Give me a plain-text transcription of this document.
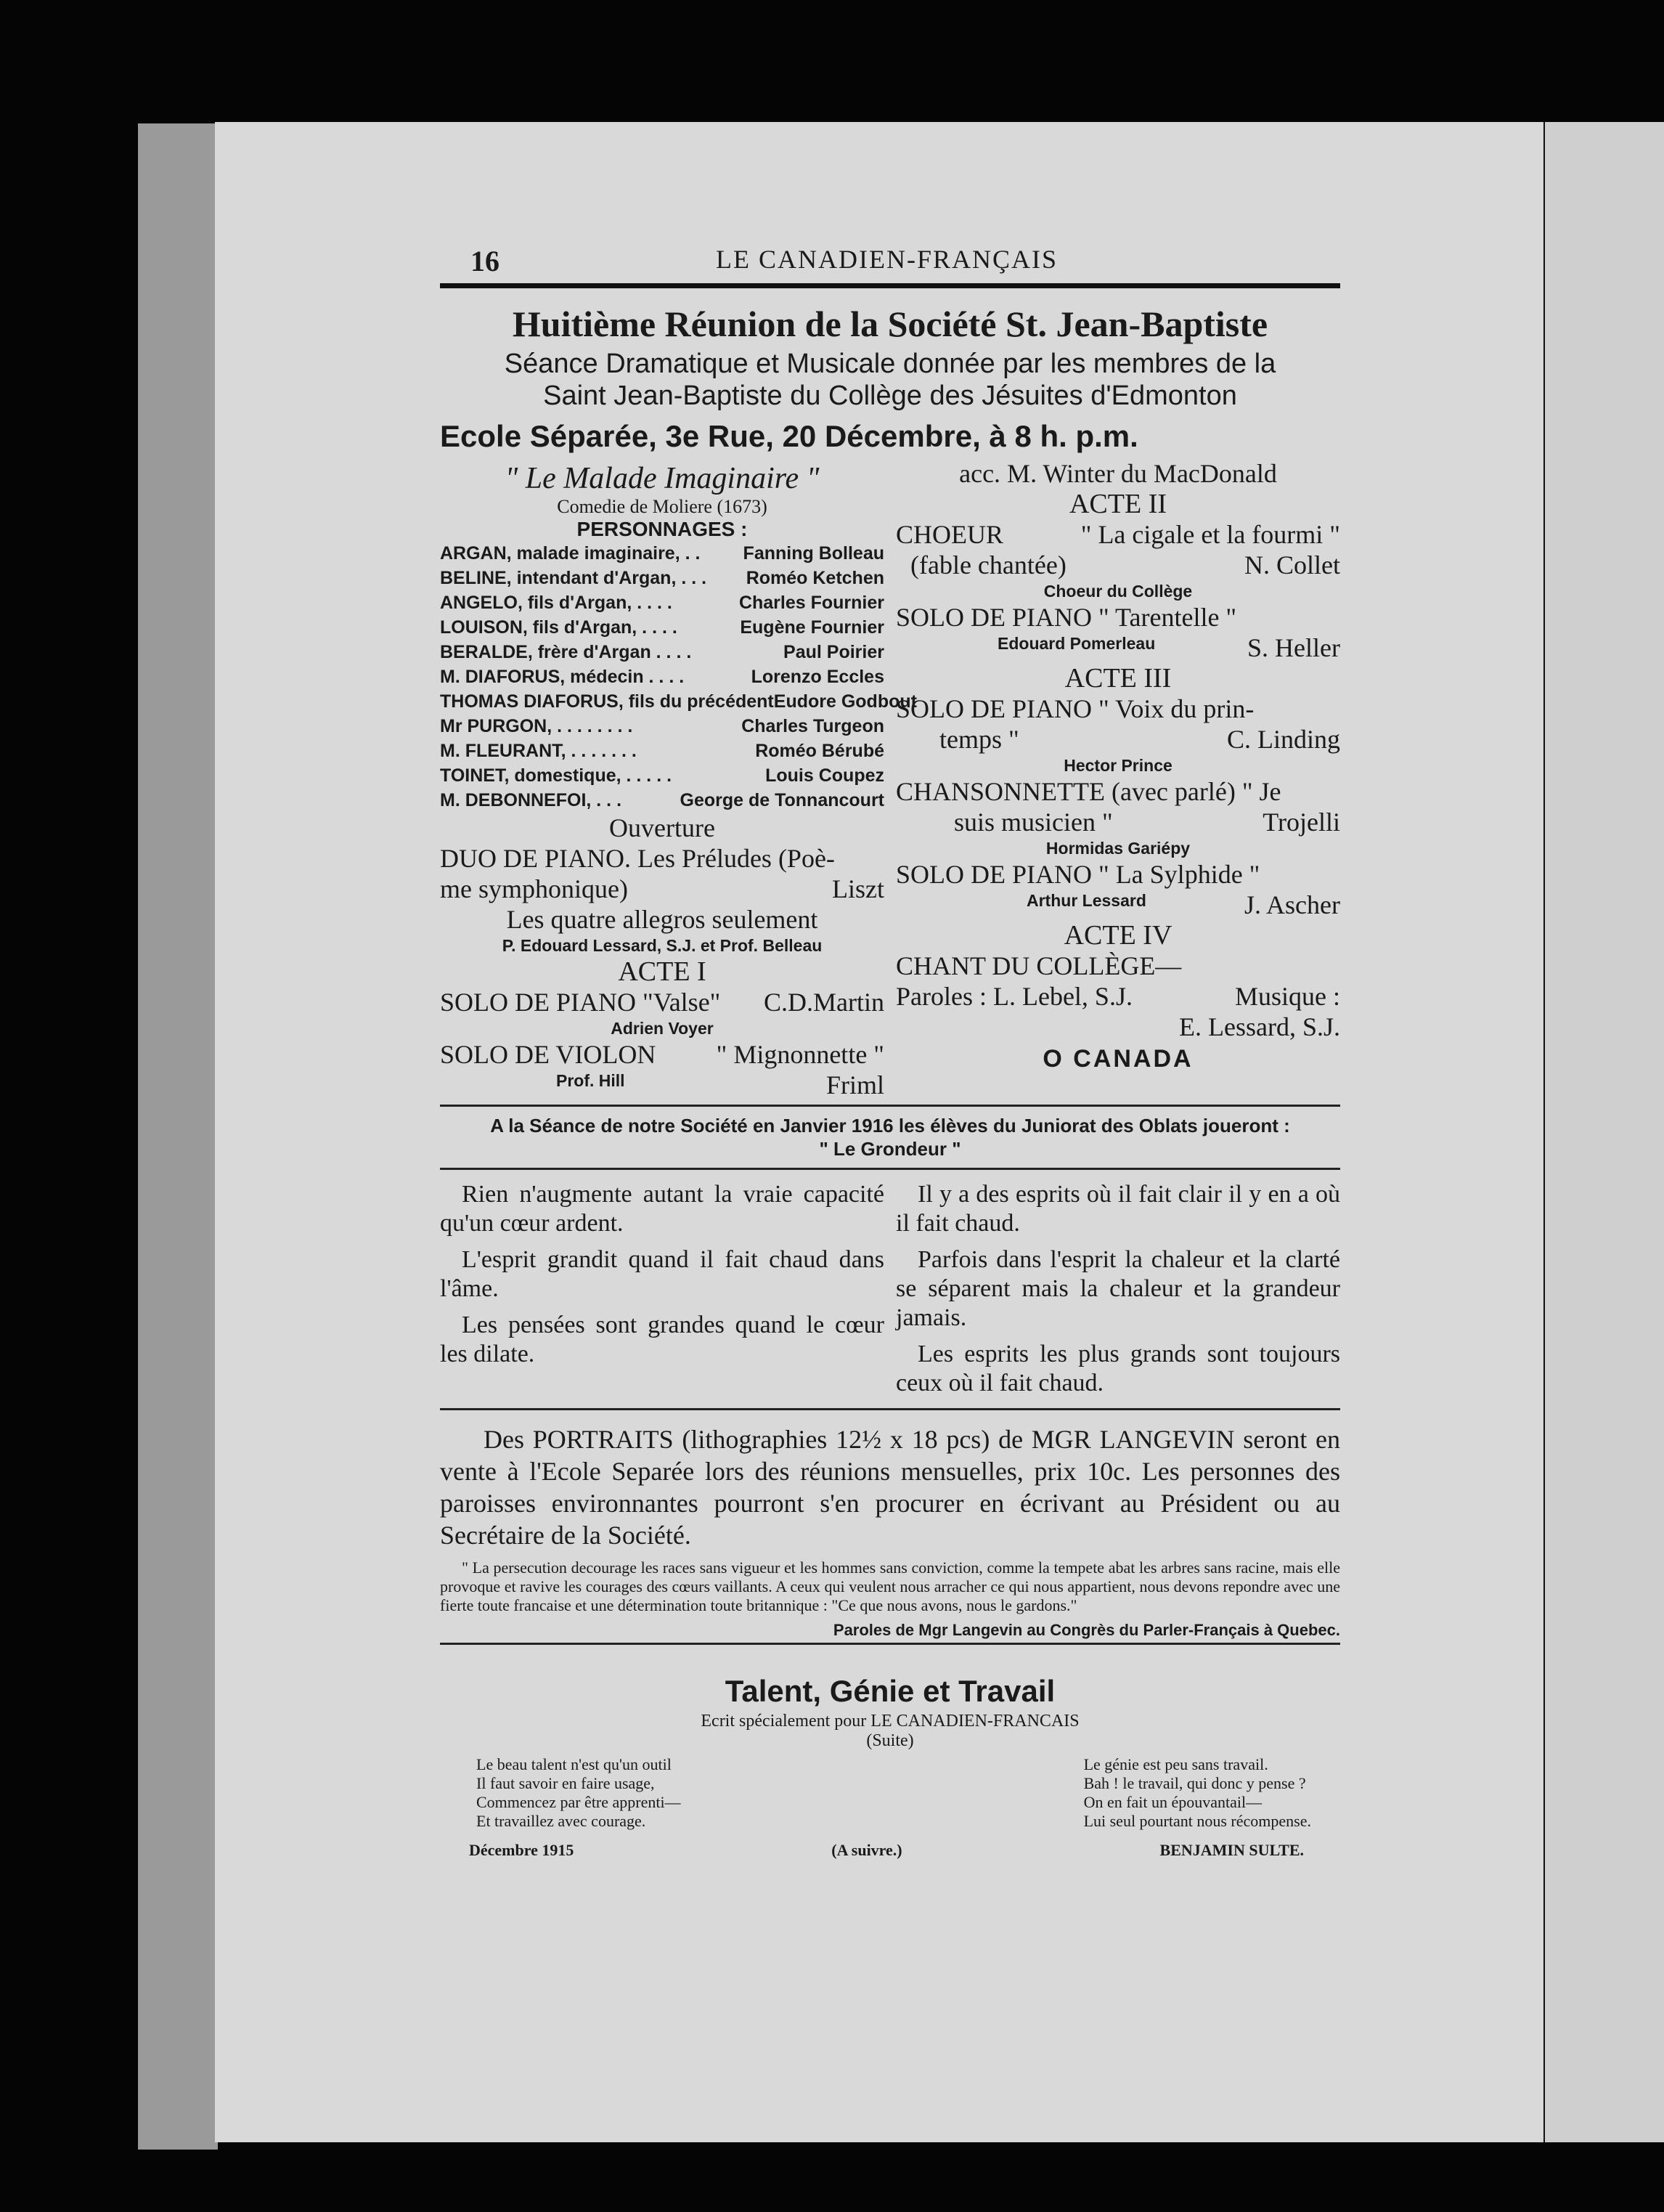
16	LE CANADIEN-FRANÇAIS
Huitième Réunion de la Société St. Jean-Baptiste

Séance Dramatique et Musicale donnée par les membres de la

Saint Jean-Baptiste du Collège des Jésuites d'Edmonton

Ecole Séparée, 3e Rue, 20 Décembre, à 8 h. p.m.

" Le Malade Imaginaire "

Comedie de Moliere (1673)

PERSONNAGES :

ARGAN, malade imaginaire, . . Fanning Bolleau
BELINE, intendant d'Argan, . . . Roméo Ketchen
ANGELO, fils d'Argan, . . . .	Charles Fournier
LOUISON, fils d'Argan, . . . .	Eugène Fournier
BERALDE, frère d'Argan . . . .	Paul Poirier
M. DIAFORUS, médecin . . . .	Lorenzo Eccles
THOMAS DIAFORUS, fils du précédent Eudore Godbout
Mr PURGON, . . . . . . . .	Charles Turgeon
M. FLEURANT, . . . . . . .	Roméo Bérubé
TOINET, domestique, . . . . .	Louis Coupez
M. DEBONNEFOI, . . .	George de Tonnancourt
Ouverture
DUO DE PIANO. Les Préludes (Poè-
me symphonique)	Liszt
Les quatre allegros seulement
P. Edouard Lessard, S.J. et Prof. Belleau
ACTE I
SOLO DE PIANO "Valse" C.D.Martin
Adrien Voyer
SOLO DE VIOLON " Mignonnette "
Prof. Hill	Friml
acc. M. Winter du MacDonald
ACTE II
CHOEUR	" La cigale et la fourmi "
(fable chantée)	N. Collet
Choeur du Collège
SOLO DE PIANO " Tarentelle "
Edouard Pomerleau	S. Heller
ACTE III
SOLO DE PIANO " Voix du prin-
temps "	C. Linding
Hector Prince
CHANSONNETTE (avec parlé) " Je
suis musicien "	Trojelli
Hormidas Gariépy
SOLO DE PIANO " La Sylphide "
Arthur Lessard	J. Ascher
ACTE IV
CHANT DU COLLÈGE—
Paroles : L. Lebel, S.J.	Musique :
E. Lessard, S.J.
O CANADA
A la Séance de notre Société en Janvier 1916 les élèves du Juniorat des Oblats joueront :
" Le Grondeur "

Rien n'augmente autant la vraie capacité qu'un cœur ardent.

L'esprit grandit quand il fait chaud dans l'âme.

Les pensées sont grandes quand le cœur les dilate.

Il y a des esprits où il fait clair il y en a où il fait chaud.

Parfois dans l'esprit la chaleur et la clarté se séparent mais la chaleur et la grandeur jamais.

Les esprits les plus grands sont toujours ceux où il fait chaud.

Des PORTRAITS (lithographies 12½ x 18 pcs) de MGR LANGEVIN seront en vente à l'Ecole Separée lors des réunions mensuelles, prix 10c. Les personnes des paroisses environnantes pourront s'en procurer en écrivant au Président ou au Secrétaire de la Société.

" La persecution decourage les races sans vigueur et les hommes sans conviction, comme la tempete abat les arbres sans racine, mais elle provoque et ravive les courages des cœurs vaillants. A ceux qui veulent nous arracher ce qui nous appartient, nous devons repondre avec une fierte toute francaise et une détermination toute britannique : "Ce que nous avons, nous le gardons."

Paroles de Mgr Langevin au Congrès du Parler-Français à Quebec.

Talent, Génie et Travail

Ecrit spécialement pour LE CANADIEN-FRANCAIS

(Suite)

Le beau talent n'est qu'un outil
Il faut savoir en faire usage,
Commencez par être apprenti—
Et travaillez avec courage.
Le génie est peu sans travail.
Bah ! le travail, qui donc y pense ?
On en fait un épouvantail—
Lui seul pourtant nous récompense.
Décembre 1915	(A suivre.)	BENJAMIN SULTE.
